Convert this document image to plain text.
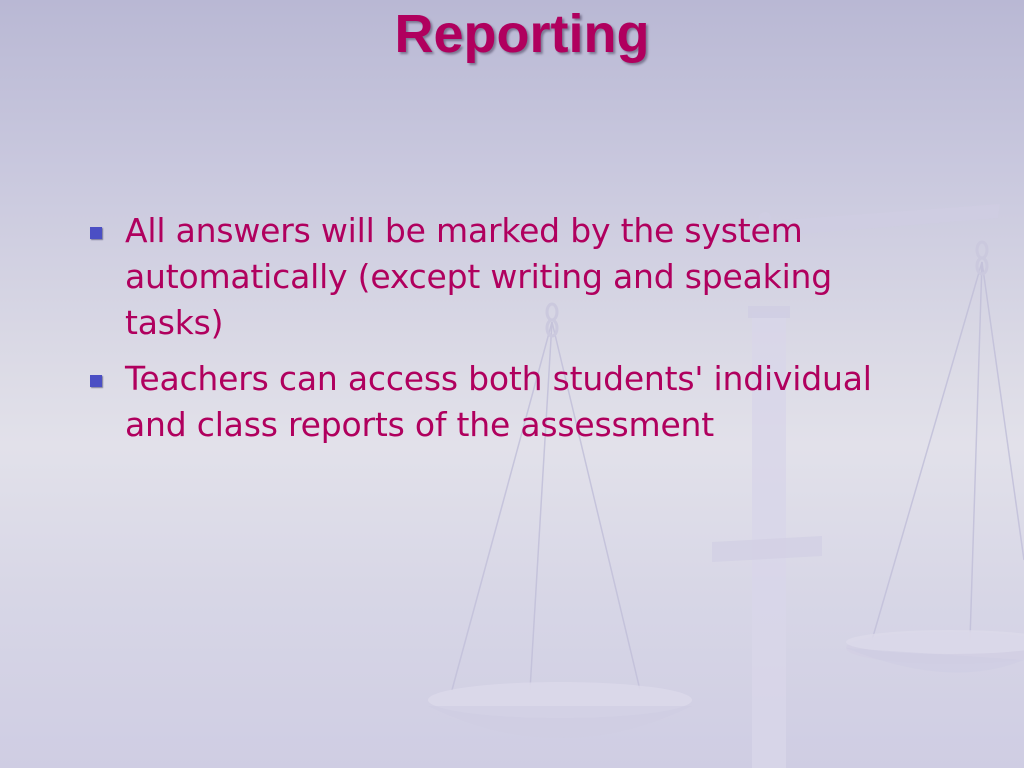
Reporting
All answers will be marked by the system automatically (except writing and speaking tasks)
Teachers can access both students' individual and class reports of the assessment
